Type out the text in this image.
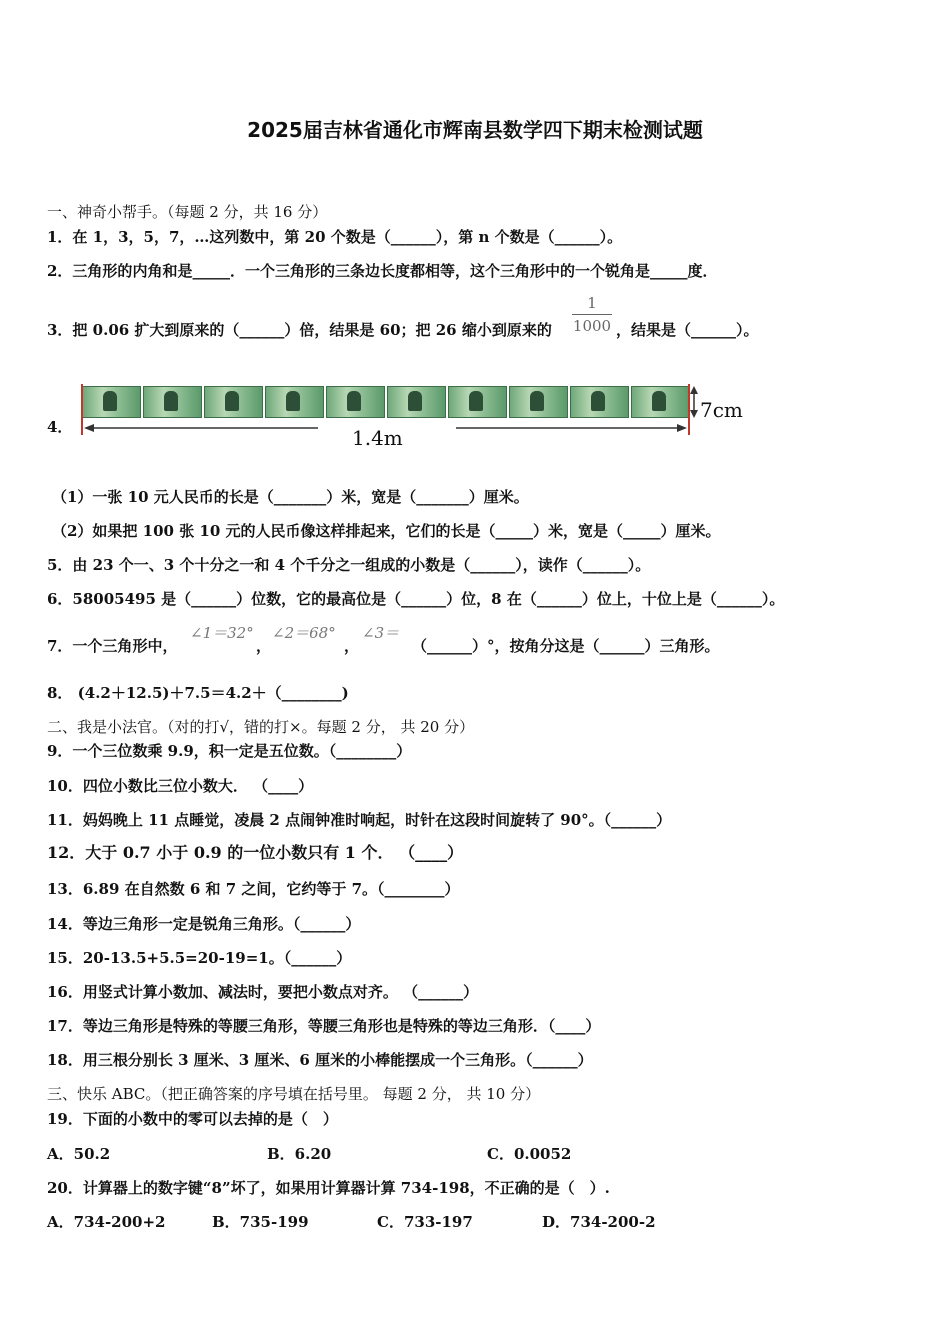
2025届吉林省通化市辉南县数学四下期末检测试题
一、神奇小帮手。（每题 2 分，共 16 分）
1．在 1，3，5，7，…这列数中，第 20 个数是（______），第 n 个数是（______）。
2．三角形的内角和是_____．一个三角形的三条边长度都相等，这个三角形中的一个锐角是_____度．
3．把 0.06 扩大到原来的（______）倍，结果是 60；把 26 缩小到原来的
1
1000 ，结果是（______）。
4．
7cm
1.4m
（1）一张 10 元人民币的长是（_______）米，宽是（_______）厘米。
（2）如果把 100 张 10 元的人民币像这样排起来，它们的长是（_____）米，宽是（_____）厘米。
5．由 23 个一、3 个十分之一和 4 个千分之一组成的小数是（______），读作（______）。
6．58005495 是（______）位数，它的最高位是（______）位，8 在（______）位上，十位上是（______）。
7．一个三角形中，
∠1＝32°
，
∠2＝68°
，
∠3＝
（______）°，按角分这是（______）三角形。
8． (4.2＋12.5)＋7.5＝4.2＋（________)
二、我是小法官。（对的打√，错的打×。每题 2 分， 共 20 分）
9．一个三位数乘 9.9，积一定是五位数。（________）
10．四位小数比三位小数大． （____）
11．妈妈晚上 11 点睡觉，凌晨 2 点闹钟准时响起，时针在这段时间旋转了 90°。（______）
12．大于 0.7 小于 0.9 的一位小数只有 1 个． （____）
13．6.89 在自然数 6 和 7 之间，它约等于 7。（________）
14．等边三角形一定是锐角三角形。（______）
15．20-13.5+5.5=20-19=1。（______）
16．用竖式计算小数加、减法时，要把小数点对齐。 （______）
17．等边三角形是特殊的等腰三角形，等腰三角形也是特殊的等边三角形．（____）
18．用三根分别长 3 厘米、3 厘米、6 厘米的小棒能摆成一个三角形。（______）
三、快乐 ABC。（把正确答案的序号填在括号里。 每题 2 分， 共 10 分）
19．下面的小数中的零可以去掉的是（　）
A．50.2	B．6.20	C．0.0052
20．计算器上的数字键“8”坏了，如果用计算器计算 734-198，不正确的是（　）.
A．734-200+2	B．735-199	C．733-197	D．734-200-2
